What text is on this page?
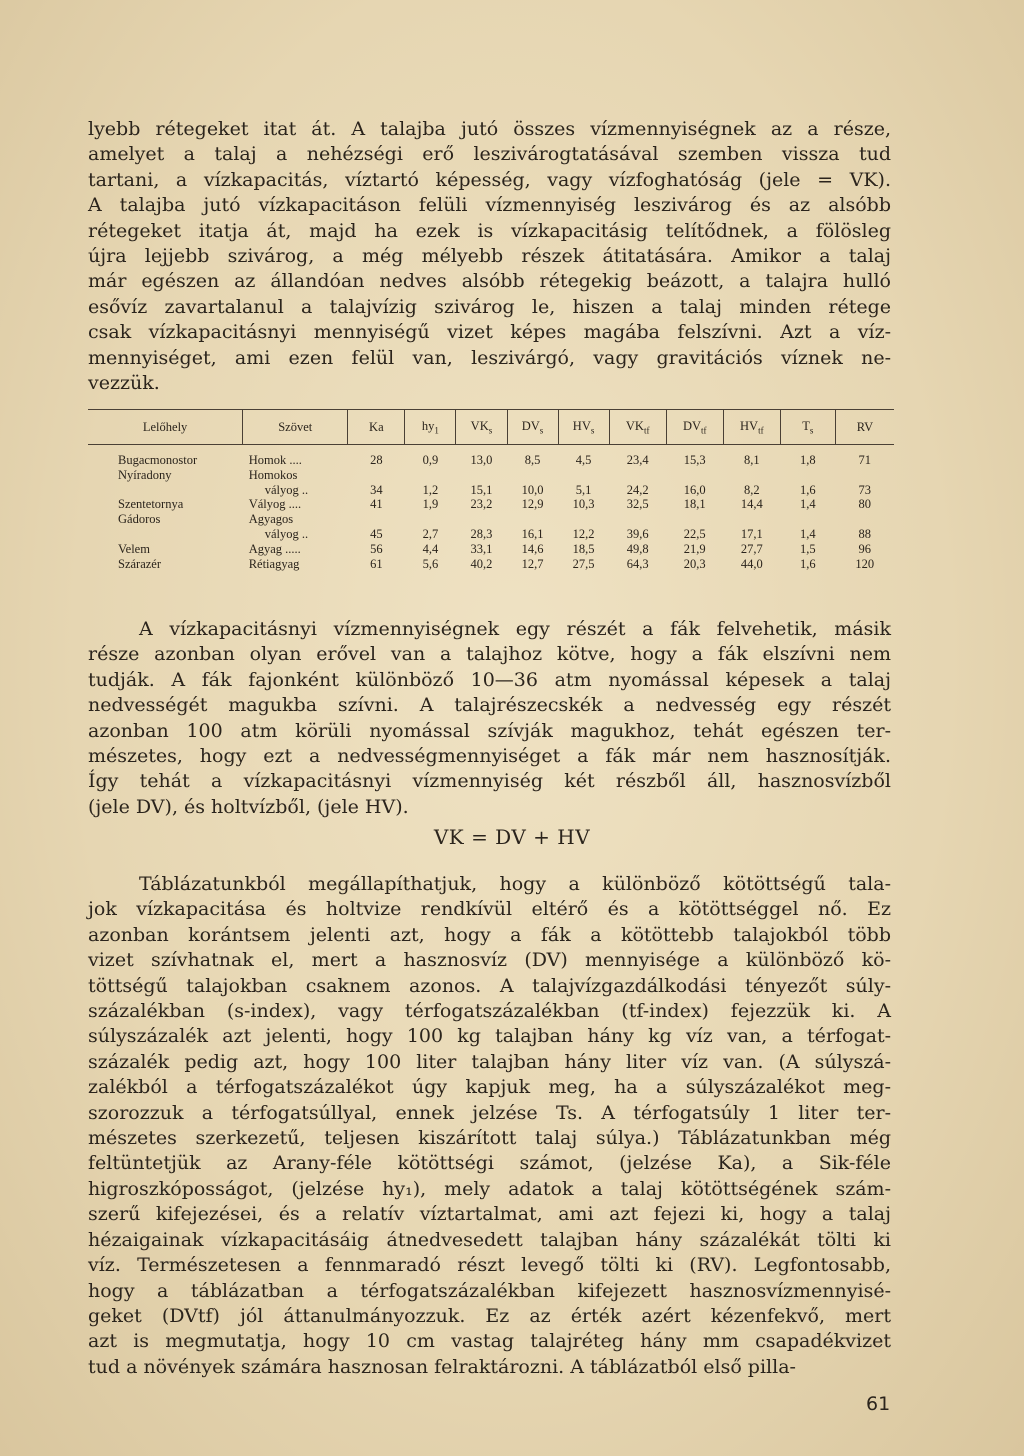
lyebb rétegeket itat át. A talajba jutó összes vízmennyiségnek az a része,
amelyet a talaj a nehézségi erő leszivárogtatásával szemben vissza tud
tartani, a vízkapacitás, víztartó képesség, vagy vízfoghatóság (jele = VK).
A talajba jutó vízkapacitáson felüli vízmennyiség leszivárog és az alsóbb
rétegeket itatja át, majd ha ezek is vízkapacitásig telítődnek, a fölösleg
újra lejjebb szivárog, a még mélyebb részek átitatására. Amikor a talaj
már egészen az állandóan nedves alsóbb rétegekig beázott, a talajra hulló
esővíz zavartalanul a talajvízig szivárog le, hiszen a talaj minden rétege
csak vízkapacitásnyi mennyiségű vizet képes magába felszívni. Azt a víz-
mennyiséget, ami ezen felül van, leszivárgó, vagy gravitációs víznek ne-
vezzük.

Lelőhely	Szövet	Ka	$hy_1$	$VK_s$	$DV_s$	$HV_s$	$VK_{tf}$	$DV_{tf}$	$HV_{tf}$	$T_s$	RV
Bugacmonostor	Homok ....	28	0,9	13,0	8,5	4,5	23,4	15,3	8,1	1,8	71
Nyíradony	Homokos										
	vályog ..	34	1,2	15,1	10,0	5,1	24,2	16,0	8,2	1,6	73
Szentetornya	Vályog ....	41	1,9	23,2	12,9	10,3	32,5	18,1	14,4	1,4	80
Gádoros	Agyagos										
	vályog ..	45	2,7	28,3	16,1	12,2	39,6	22,5	17,1	1,4	88
Velem	Agyag .....	56	4,4	33,1	14,6	18,5	49,8	21,9	27,7	1,5	96
Szárazér	Rétiagyag	61	5,6	40,2	12,7	27,5	64,3	20,3	44,0	1,6	120

A vízkapacitásnyi vízmennyiségnek egy részét a fák felvehetik, másik
része azonban olyan erővel van a talajhoz kötve, hogy a fák elszívni nem
tudják. A fák fajonként különböző 10—36 atm nyomással képesek a talaj
nedvességét magukba szívni. A talajrészecskék a nedvesség egy részét
azonban 100 atm körüli nyomással szívják magukhoz, tehát egészen ter-
mészetes, hogy ezt a nedvességmennyiséget a fák már nem hasznosítják.
Így tehát a vízkapacitásnyi vízmennyiség két részből áll, hasznosvízből
(jele DV), és holtvízből, (jele HV).

VK = DV + HV

Táblázatunkból megállapíthatjuk, hogy a különböző kötöttségű tala-
jok vízkapacitása és holtvize rendkívül eltérő és a kötöttséggel nő. Ez
azonban korántsem jelenti azt, hogy a fák a kötöttebb talajokból több
vizet szívhatnak el, mert a hasznosvíz (DV) mennyisége a különböző kö-
töttségű talajokban csaknem azonos. A talajvízgazdálkodási tényezőt súly-
százalékban (s-index), vagy térfogatszázalékban (tf-index) fejezzük ki. A
súlyszázalék azt jelenti, hogy 100 kg talajban hány kg víz van, a térfogat-
százalék pedig azt, hogy 100 liter talajban hány liter víz van. (A súlyszá-
zalékból a térfogatszázalékot úgy kapjuk meg, ha a súlyszázalékot meg-
szorozzuk a térfogatsúllyal, ennek jelzése Ts. A térfogatsúly 1 liter ter-
mészetes szerkezetű, teljesen kiszárított talaj súlya.) Táblázatunkban még
feltüntetjük az Arany-féle kötöttségi számot, (jelzése Ka), a Sik-féle
higroszkóposságot, (jelzése hy₁), mely adatok a talaj kötöttségének szám-
szerű kifejezései, és a relatív víztartalmat, ami azt fejezi ki, hogy a talaj
hézaigainak vízkapacitásáig átnedvesedett talajban hány százalékát tölti ki
víz. Természetesen a fennmaradó részt levegő tölti ki (RV). Legfontosabb,
hogy a táblázatban a térfogatszázalékban kifejezett hasznosvízmennyisé-
geket (DVtf) jól áttanulmányozzuk. Ez az érték azért kézenfekvő, mert
azt is megmutatja, hogy 10 cm vastag talajréteg hány mm csapadékvizet
tud a növények számára hasznosan felraktározni. A táblázatból első pilla-

61
